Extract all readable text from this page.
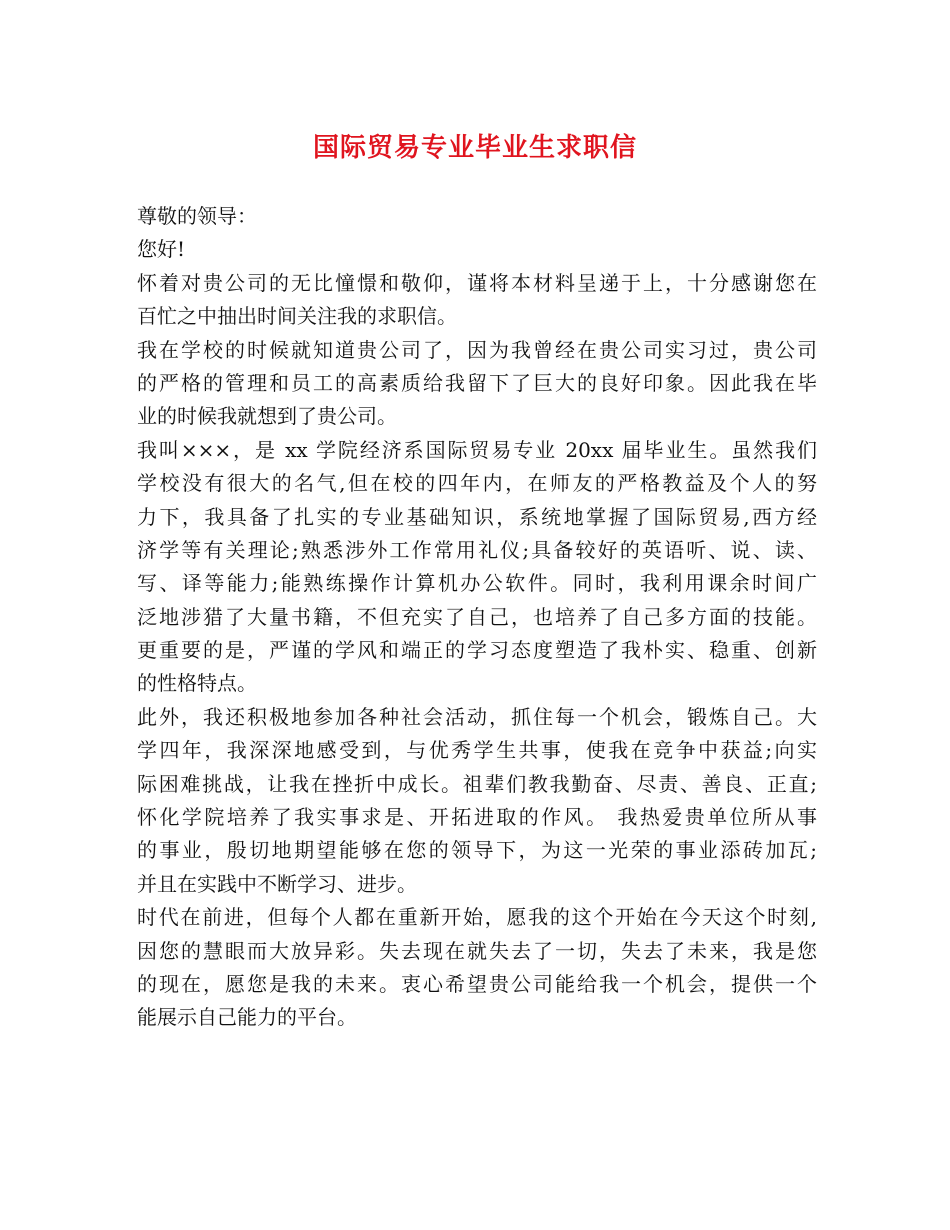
国际贸易专业毕业生求职信
尊敬的领导：
您好!
怀着对贵公司的无比憧憬和敬仰，谨将本材料呈递于上，十分感谢您在
百忙之中抽出时间关注我的求职信。
我在学校的时候就知道贵公司了，因为我曾经在贵公司实习过，贵公司
的严格的管理和员工的高素质给我留下了巨大的良好印象。因此我在毕
业的时候我就想到了贵公司。
我叫×××，是 xx 学院经济系国际贸易专业 20xx 届毕业生。虽然我们
学校没有很大的名气,但在校的四年内，在师友的严格教益及个人的努
力下，我具备了扎实的专业基础知识，系统地掌握了国际贸易,西方经
济学等有关理论;熟悉涉外工作常用礼仪;具备较好的英语听、说、读、
写、译等能力;能熟练操作计算机办公软件。同时，我利用课余时间广
泛地涉猎了大量书籍，不但充实了自己，也培养了自己多方面的技能。
更重要的是，严谨的学风和端正的学习态度塑造了我朴实、稳重、创新
的性格特点。
此外，我还积极地参加各种社会活动，抓住每一个机会，锻炼自己。大
学四年，我深深地感受到，与优秀学生共事，使我在竞争中获益;向实
际困难挑战，让我在挫折中成长。祖辈们教我勤奋、尽责、善良、正直;
怀化学院培养了我实事求是、开拓进取的作风。 我热爱贵单位所从事
的事业，殷切地期望能够在您的领导下，为这一光荣的事业添砖加瓦;
并且在实践中不断学习、进步。
时代在前进，但每个人都在重新开始，愿我的这个开始在今天这个时刻,
因您的慧眼而大放异彩。失去现在就失去了一切，失去了未来，我是您
的现在，愿您是我的未来。衷心希望贵公司能给我一个机会，提供一个
能展示自己能力的平台。
